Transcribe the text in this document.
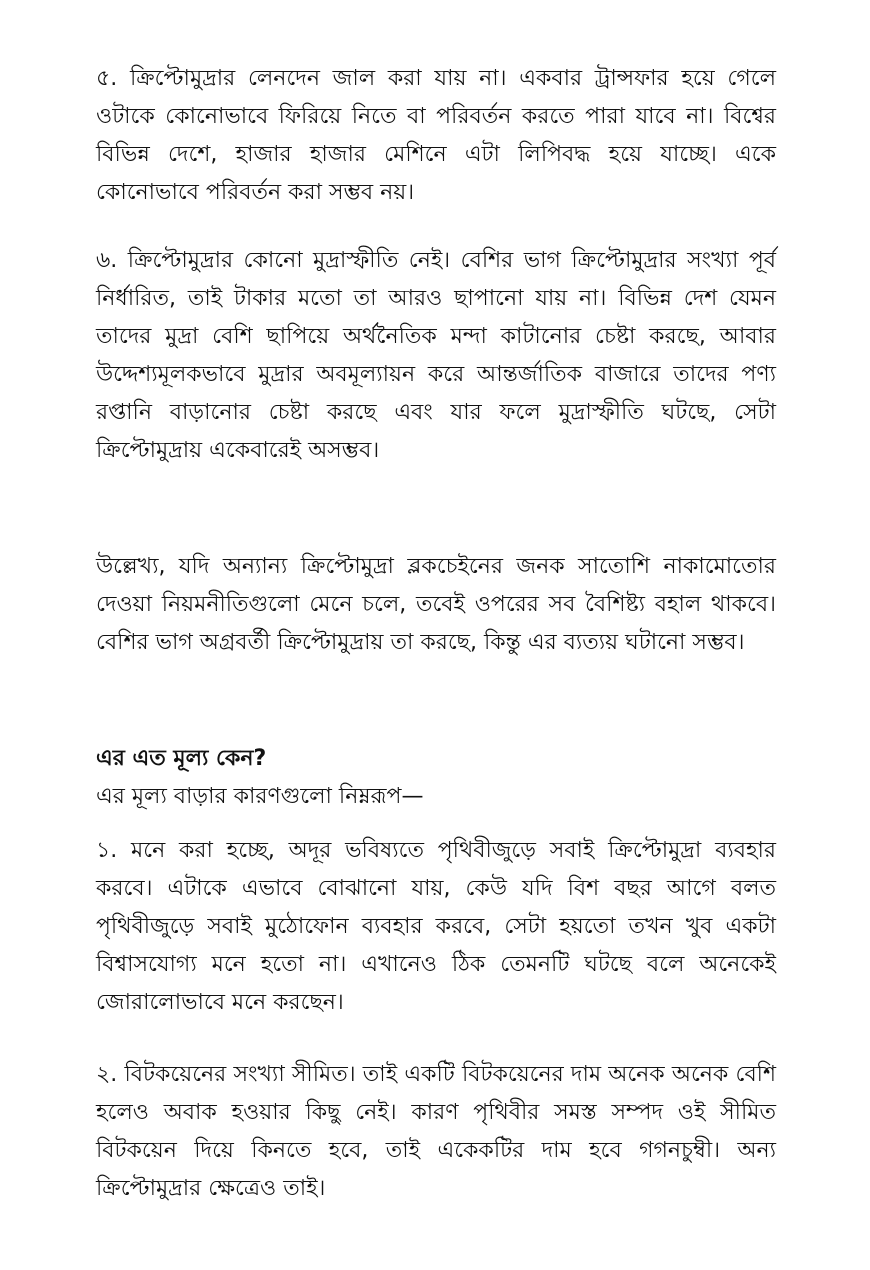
৫. ক্রিপ্টোমুদ্রার লেনদেন জাল করা যায় না। একবার ট্রান্সফার হয়ে গেলে ওটাকে কোনোভাবে ফিরিয়ে নিতে বা পরিবর্তন করতে পারা যাবে না। বিশ্বের বিভিন্ন দেশে, হাজার হাজার মেশিনে এটা লিপিবদ্ধ হয়ে যাচ্ছে। একে কোনোভাবে পরিবর্তন করা সম্ভব নয়।

৬. ক্রিপ্টোমুদ্রার কোনো মুদ্রাস্ফীতি নেই। বেশির ভাগ ক্রিপ্টোমুদ্রার সংখ্যা পূর্ব নির্ধারিত, তাই টাকার মতো তা আরও ছাপানো যায় না। বিভিন্ন দেশ যেমন তাদের মুদ্রা বেশি ছাপিয়ে অর্থনৈতিক মন্দা কাটানোর চেষ্টা করছে, আবার উদ্দেশ্যমূলকভাবে মুদ্রার অবমূল্যায়ন করে আন্তর্জাতিক বাজারে তাদের পণ্য রপ্তানি বাড়ানোর চেষ্টা করছে এবং যার ফলে মুদ্রাস্ফীতি ঘটছে, সেটা ক্রিপ্টোমুদ্রায় একেবারেই অসম্ভব।

উল্লেখ্য, যদি অন্যান্য ক্রিপ্টোমুদ্রা ব্লকচেইনের জনক সাতোশি নাকামোতোর দেওয়া নিয়মনীতিগুলো মেনে চলে, তবেই ওপরের সব বৈশিষ্ট্য বহাল থাকবে। বেশির ভাগ অগ্রবর্তী ক্রিপ্টোমুদ্রায় তা করছে, কিন্তু এর ব্যত্যয় ঘটানো সম্ভব।

এর এত মূল্য কেন?

এর মূল্য বাড়ার কারণগুলো নিম্নরূপ—

১. মনে করা হচ্ছে, অদূর ভবিষ্যতে পৃথিবীজুড়ে সবাই ক্রিপ্টোমুদ্রা ব্যবহার করবে। এটাকে এভাবে বোঝানো যায়, কেউ যদি বিশ বছর আগে বলত পৃথিবীজুড়ে সবাই মুঠোফোন ব্যবহার করবে, সেটা হয়তো তখন খুব একটা বিশ্বাসযোগ্য মনে হতো না। এখানেও ঠিক তেমনটি ঘটছে বলে অনেকেই জোরালোভাবে মনে করছেন।

২. বিটকয়েনের সংখ্যা সীমিত। তাই একটি বিটকয়েনের দাম অনেক অনেক বেশি হলেও অবাক হওয়ার কিছু নেই। কারণ পৃথিবীর সমস্ত সম্পদ ওই সীমিত বিটকয়েন দিয়ে কিনতে হবে, তাই একেকটির দাম হবে গগনচুম্বী। অন্য ক্রিপ্টোমুদ্রার ক্ষেত্রেও তাই।
